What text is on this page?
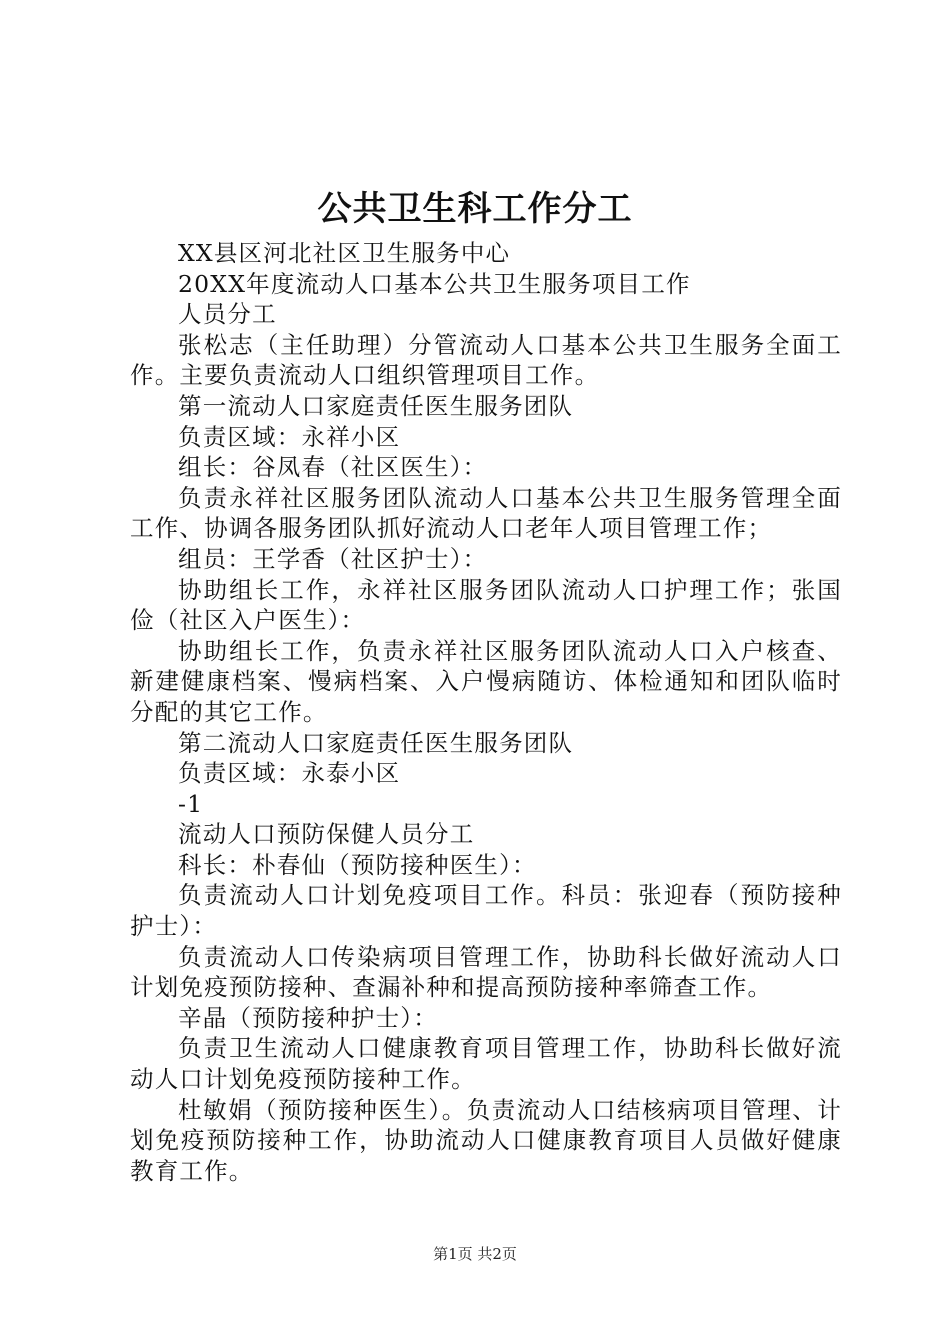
公共卫生科工作分工

XX县区河北社区卫生服务中心

20XX年度流动人口基本公共卫生服务项目工作

人员分工

张松志（主任助理）分管流动人口基本公共卫生服务全面工作。主要负责流动人口组织管理项目工作。

第一流动人口家庭责任医生服务团队

负责区域：永祥小区

组长：谷凤春（社区医生）：

负责永祥社区服务团队流动人口基本公共卫生服务管理全面工作、协调各服务团队抓好流动人口老年人项目管理工作；

组员：王学香（社区护士）：

协助组长工作，永祥社区服务团队流动人口护理工作；张国俭（社区入户医生）：

协助组长工作，负责永祥社区服务团队流动人口入户核查、新建健康档案、慢病档案、入户慢病随访、体检通知和团队临时分配的其它工作。

第二流动人口家庭责任医生服务团队

负责区域：永泰小区

-1

流动人口预防保健人员分工

科长：朴春仙（预防接种医生）：

负责流动人口计划免疫项目工作。科员：张迎春（预防接种护士）：

负责流动人口传染病项目管理工作，协助科长做好流动人口计划免疫预防接种、查漏补种和提高预防接种率筛查工作。

辛晶（预防接种护士）：

负责卫生流动人口健康教育项目管理工作，协助科长做好流动人口计划免疫预防接种工作。

杜敏娟（预防接种医生）。负责流动人口结核病项目管理、计划免疫预防接种工作，协助流动人口健康教育项目人员做好健康教育工作。

第1页 共2页
